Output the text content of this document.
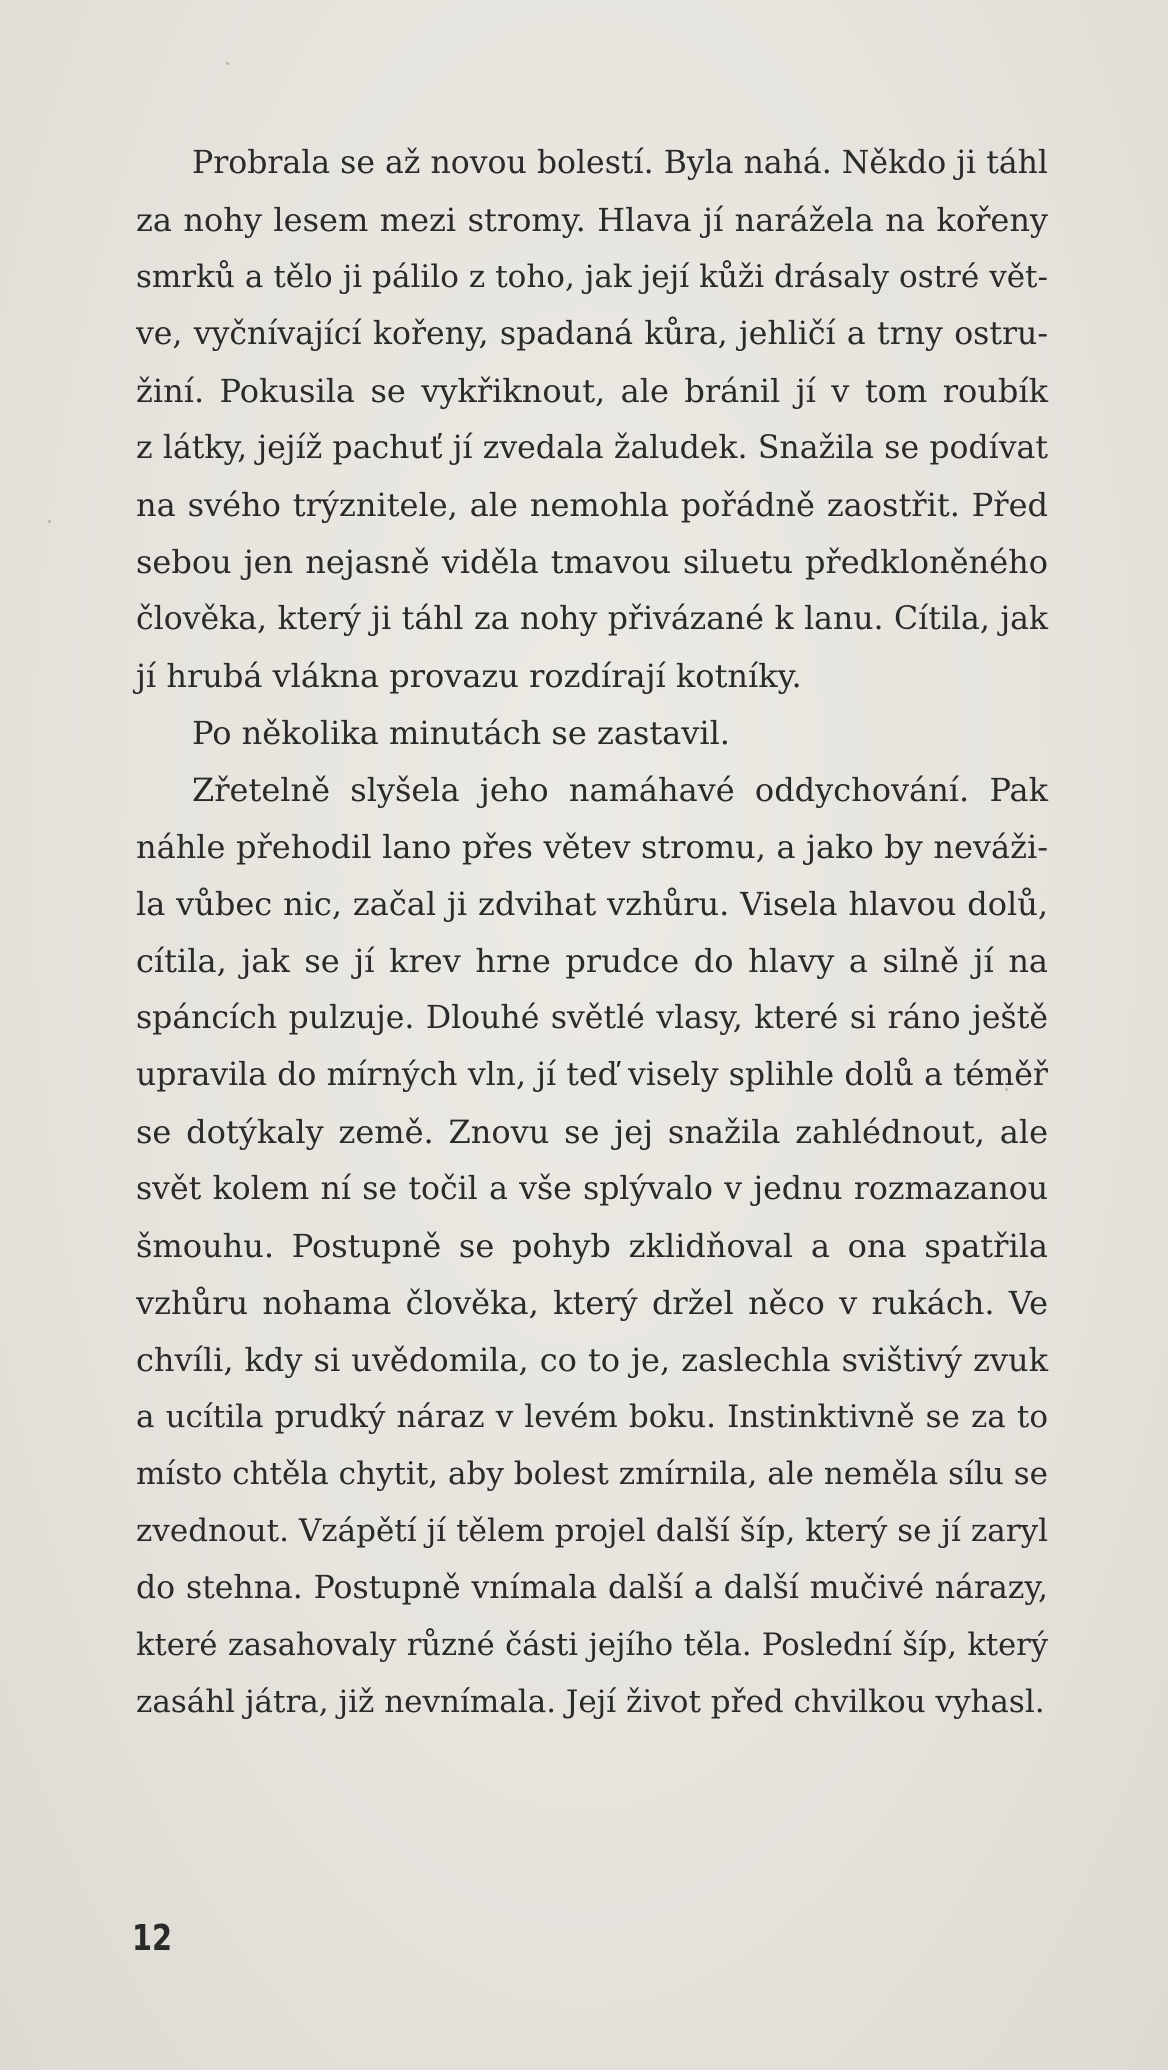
Probrala se až novou bolestí. Byla nahá. Někdo ji táhl
za nohy lesem mezi stromy. Hlava jí narážela na kořeny
smrků a tělo ji pálilo z toho, jak její kůži drásaly ostré vět-
ve, vyčnívající kořeny, spadaná kůra, jehličí a trny ostru-
žiní. Pokusila se vykřiknout, ale bránil jí v tom roubík
z látky, jejíž pachuť jí zvedala žaludek. Snažila se podívat
na svého trýznitele, ale nemohla pořádně zaostřit. Před
sebou jen nejasně viděla tmavou siluetu předkloněného
člověka, který ji táhl za nohy přivázané k lanu. Cítila, jak
jí hrubá vlákna provazu rozdírají kotníky.
Po několika minutách se zastavil.
Zřetelně slyšela jeho namáhavé oddychování. Pak
náhle přehodil lano přes větev stromu, a jako by neváži-
la vůbec nic, začal ji zdvihat vzhůru. Visela hlavou dolů,
cítila, jak se jí krev hrne prudce do hlavy a silně jí na
spáncích pulzuje. Dlouhé světlé vlasy, které si ráno ještě
upravila do mírných vln, jí teď visely splihle dolů a téměř
se dotýkaly země. Znovu se jej snažila zahlédnout, ale
svět kolem ní se točil a vše splývalo v jednu rozmazanou
šmouhu. Postupně se pohyb zklidňoval a ona spatřila
vzhůru nohama člověka, který držel něco v rukách. Ve
chvíli, kdy si uvědomila, co to je, zaslechla svištivý zvuk
a ucítila prudký náraz v levém boku. Instinktivně se za to
místo chtěla chytit, aby bolest zmírnila, ale neměla sílu se
zvednout. Vzápětí jí tělem projel další šíp, který se jí zaryl
do stehna. Postupně vnímala další a další mučivé nárazy,
které zasahovaly různé části jejího těla. Poslední šíp, který
zasáhl játra, již nevnímala. Její život před chvilkou vyhasl.
12
